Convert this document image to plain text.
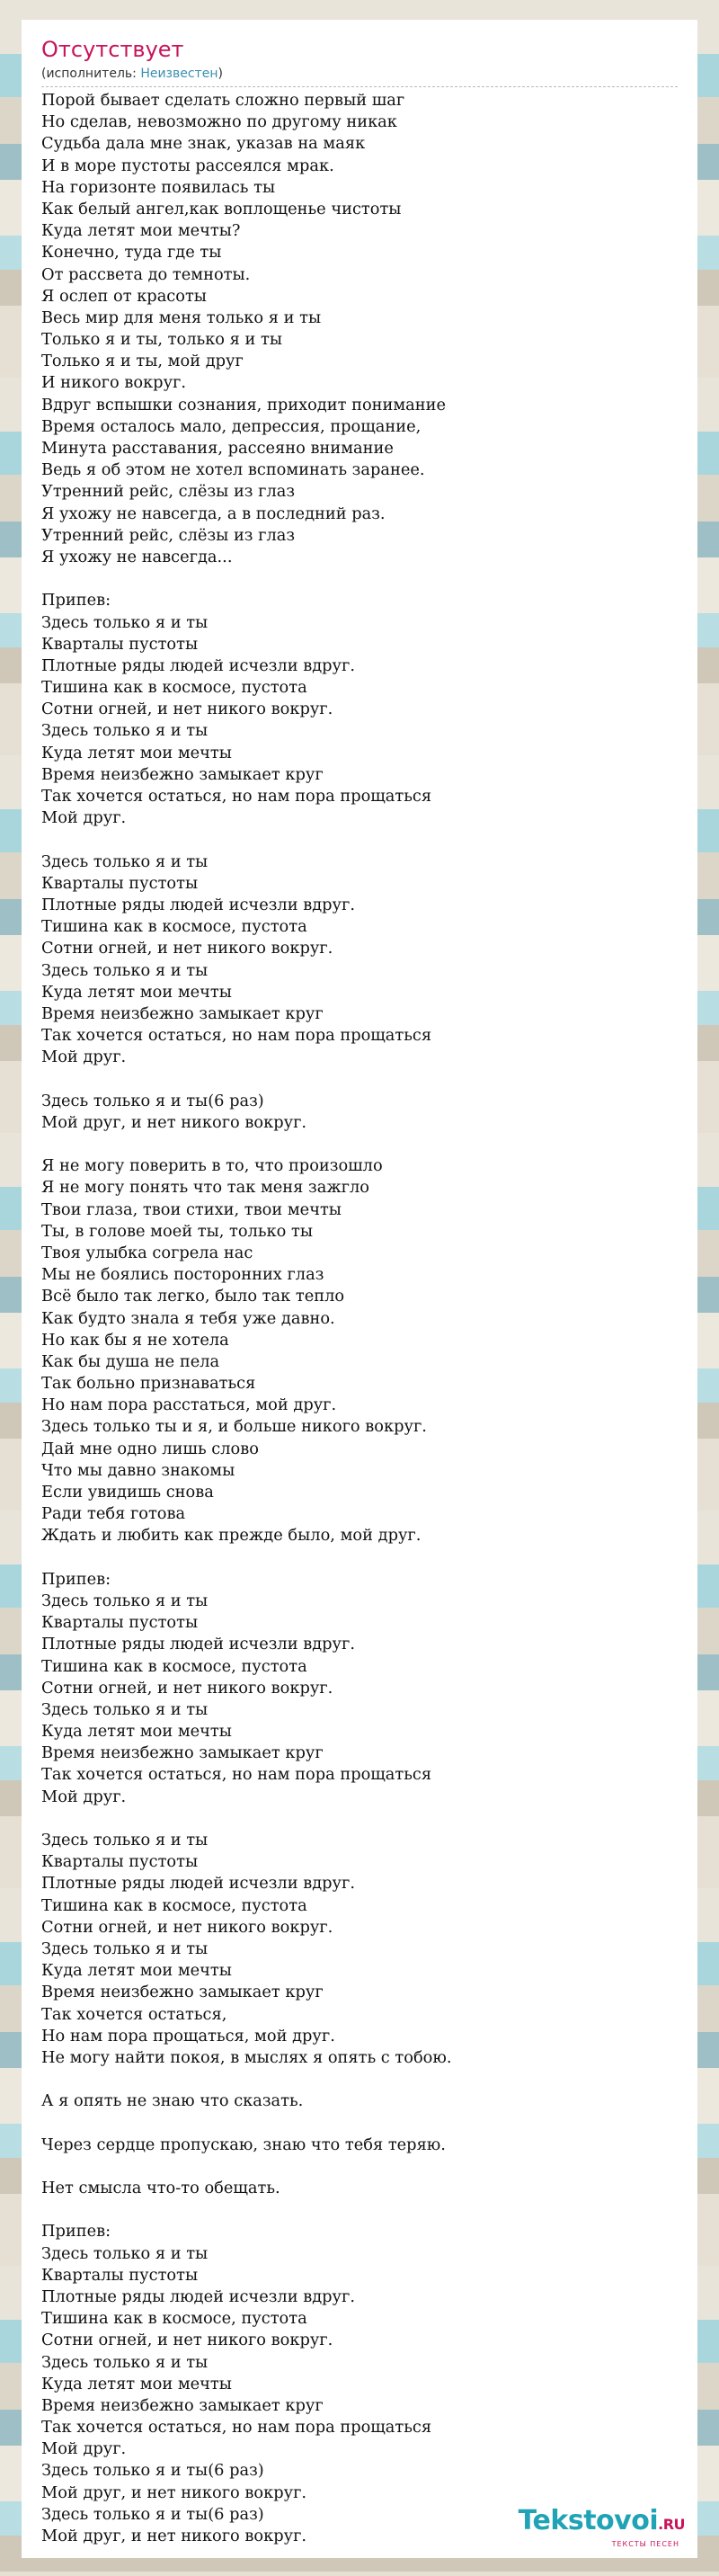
Отсутствует
(исполнитель: Неизвестен)
Порой бывает сделать сложно первый шаг
Но сделав, невозможно по другому никак
Судьба дала мне знак, указав на маяк
И в море пустоты рассеялся мрак.
На горизонте появилась ты
Как белый ангел,как воплощенье чистоты
Куда летят мои мечты?
Конечно, туда где ты
От рассвета до темноты.
Я ослеп от красоты
Весь мир для меня только я и ты
Только я и ты, только я и ты
Только я и ты, мой друг
И никого вокруг.
Вдруг вспышки сознания, приходит понимание
Время осталось мало, депрессия, прощание,
Минута расставания, рассеяно внимание
Ведь я об этом не хотел вспоминать заранее.
Утренний рейс, слёзы из глаз
Я ухожу не навсегда, а в последний раз.
Утренний рейс, слёзы из глаз
Я ухожу не навсегда...
Припев:
Здесь только я и ты
Кварталы пустоты
Плотные ряды людей исчезли вдруг.
Тишина как в космосе, пустота
Сотни огней, и нет никого вокруг.
Здесь только я и ты
Куда летят мои мечты
Время неизбежно замыкает круг
Так хочется остаться, но нам пора прощаться
Мой друг.
Здесь только я и ты
Кварталы пустоты
Плотные ряды людей исчезли вдруг.
Тишина как в космосе, пустота
Сотни огней, и нет никого вокруг.
Здесь только я и ты
Куда летят мои мечты
Время неизбежно замыкает круг
Так хочется остаться, но нам пора прощаться
Мой друг.
Здесь только я и ты(6 раз)
Мой друг, и нет никого вокруг.
Я не могу поверить в то, что произошло
Я не могу понять что так меня зажгло
Твои глаза, твои стихи, твои мечты
Ты, в голове моей ты, только ты
Твоя улыбка согрела нас
Мы не боялись посторонних глаз
Всё было так легко, было так тепло
Как будто знала я тебя уже давно.
Но как бы я не хотела
Как бы душа не пела
Так больно признаваться
Но нам пора расстаться, мой друг.
Здесь только ты и я, и больше никого вокруг.
Дай мне одно лишь слово
Что мы давно знакомы
Если увидишь снова
Ради тебя готова
Ждать и любить как прежде было, мой друг.
Припев:
Здесь только я и ты
Кварталы пустоты
Плотные ряды людей исчезли вдруг.
Тишина как в космосе, пустота
Сотни огней, и нет никого вокруг.
Здесь только я и ты
Куда летят мои мечты
Время неизбежно замыкает круг
Так хочется остаться, но нам пора прощаться
Мой друг.
Здесь только я и ты
Кварталы пустоты
Плотные ряды людей исчезли вдруг.
Тишина как в космосе, пустота
Сотни огней, и нет никого вокруг.
Здесь только я и ты
Куда летят мои мечты
Время неизбежно замыкает круг
Так хочется остаться,
Но нам пора прощаться, мой друг.
Не могу найти покоя, в мыслях я опять с тобою.
А я опять не знаю что сказать.
Через сердце пропускаю, знаю что тебя теряю.
Нет смысла что-то обещать.
Припев:
Здесь только я и ты
Кварталы пустоты
Плотные ряды людей исчезли вдруг.
Тишина как в космосе, пустота
Сотни огней, и нет никого вокруг.
Здесь только я и ты
Куда летят мои мечты
Время неизбежно замыкает круг
Так хочется остаться, но нам пора прощаться
Мой друг.
Здесь только я и ты(6 раз)
Мой друг, и нет никого вокруг.
Здесь только я и ты(6 раз)
Мой друг, и нет никого вокруг.	Tekstovoi.RU
ТЕКСТЫ ПЕСЕН
